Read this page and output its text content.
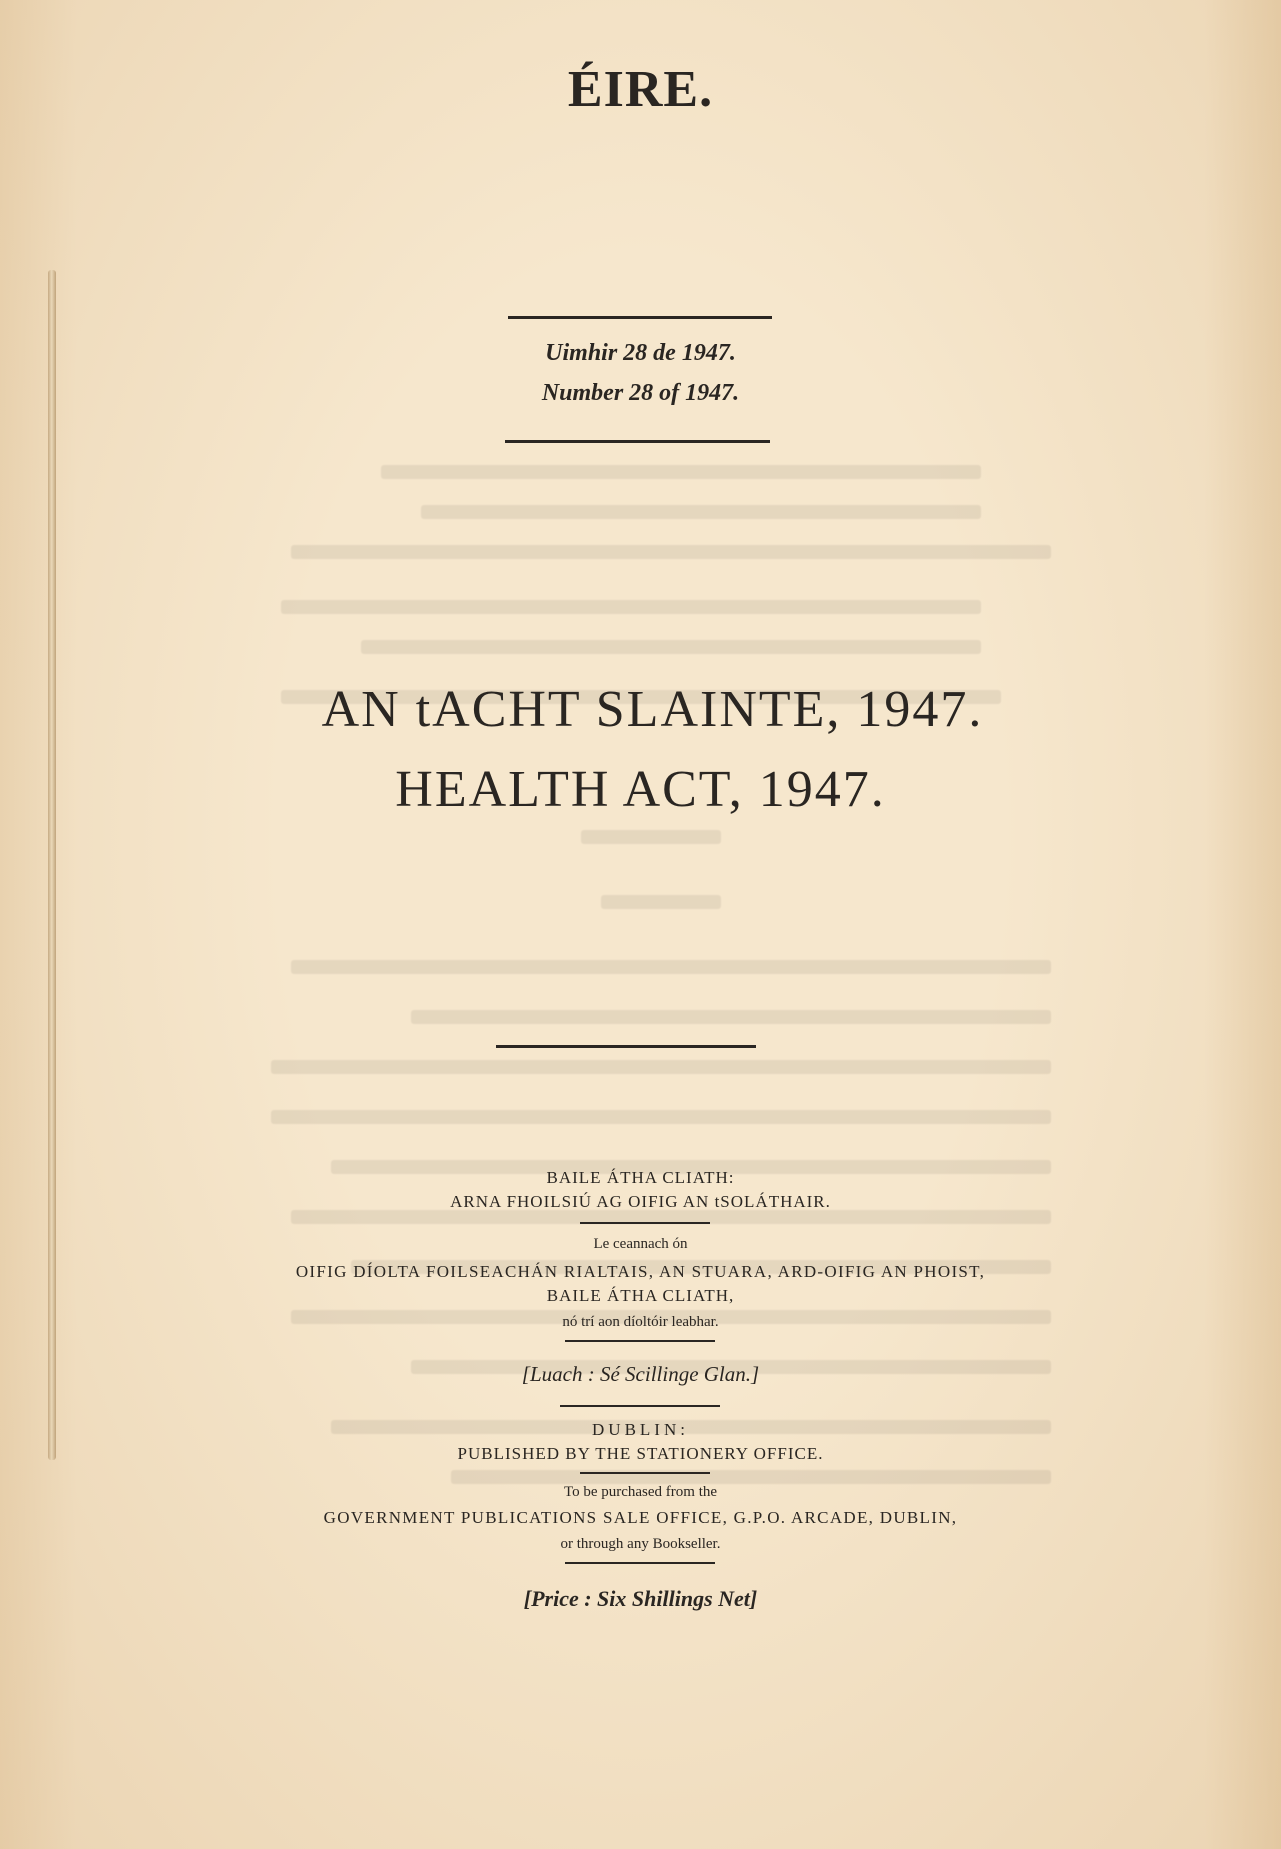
ÉIRE.
Uimhir 28 de 1947.
Number 28 of 1947.
AN tACHT SLAINTE, 1947.
HEALTH ACT, 1947.
BAILE ÁTHA CLIATH:
ARNA FHOILSIÚ AG OIFIG AN tSOLÁTHAIR.
Le ceannach ón
OIFIG DÍOLTA FOILSEACHÁN RIALTAIS, AN STUARA, ARD-OIFIG AN PHOIST,
BAILE ÁTHA CLIATH,
nó trí aon díoltóir leabhar.
[Luach : Sé Scillinge Glan.]
DUBLIN:
PUBLISHED BY THE STATIONERY OFFICE.
To be purchased from the
GOVERNMENT PUBLICATIONS SALE OFFICE, G.P.O. ARCADE, DUBLIN,
or through any Bookseller.
[Price : Six Shillings Net]
